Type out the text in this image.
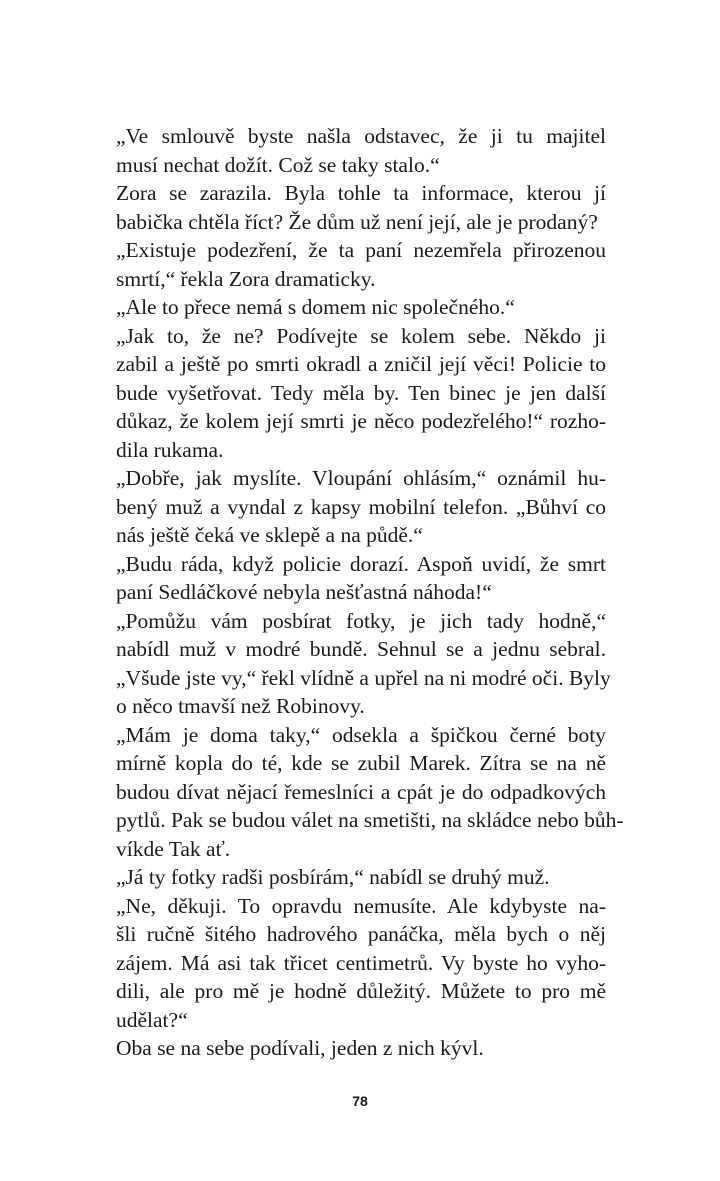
„Ve smlouvě byste našla odstavec, že ji tu majitel
musí nechat dožít. Což se taky stalo.“
Zora se zarazila. Byla tohle ta informace, kterou jí
babička chtěla říct? Že dům už není její, ale je prodaný?
„Existuje podezření, že ta paní nezemřela přirozenou
smrtí,“ řekla Zora dramaticky.
„Ale to přece nemá s domem nic společného.“
„Jak to, že ne? Podívejte se kolem sebe. Někdo ji
zabil a ještě po smrti okradl a zničil její věci! Policie to
bude vyšetřovat. Tedy měla by. Ten binec je jen další
důkaz, že kolem její smrti je něco podezřelého!“ rozho-
dila rukama.
„Dobře, jak myslíte. Vloupání ohlásím,“ oznámil hu-
bený muž a vyndal z kapsy mobilní telefon. „Bůhví co
nás ještě čeká ve sklepě a na půdě.“
„Budu ráda, když policie dorazí. Aspoň uvidí, že smrt
paní Sedláčkové nebyla nešťastná náhoda!“
„Pomůžu vám posbírat fotky, je jich tady hodně,“
nabídl muž v modré bundě. Sehnul se a jednu sebral.
„Všude jste vy,“ řekl vlídně a upřel na ni modré oči. Byly
o něco tmavší než Robinovy.
„Mám je doma taky,“ odsekla a špičkou černé boty
mírně kopla do té, kde se zubil Marek. Zítra se na ně
budou dívat nějací řemeslníci a cpát je do odpadkových
pytlů. Pak se budou válet na smetišti, na skládce nebo bůh-
víkde Tak ať.
„Já ty fotky radši posbírám,“ nabídl se druhý muž.
„Ne, děkuji. To opravdu nemusíte. Ale kdybyste na-
šli ručně šitého hadrového panáčka, měla bych o něj
zájem. Má asi tak třicet centimetrů. Vy byste ho vyho-
dili, ale pro mě je hodně důležitý. Můžete to pro mě
udělat?“
Oba se na sebe podívali, jeden z nich kývl.
78
